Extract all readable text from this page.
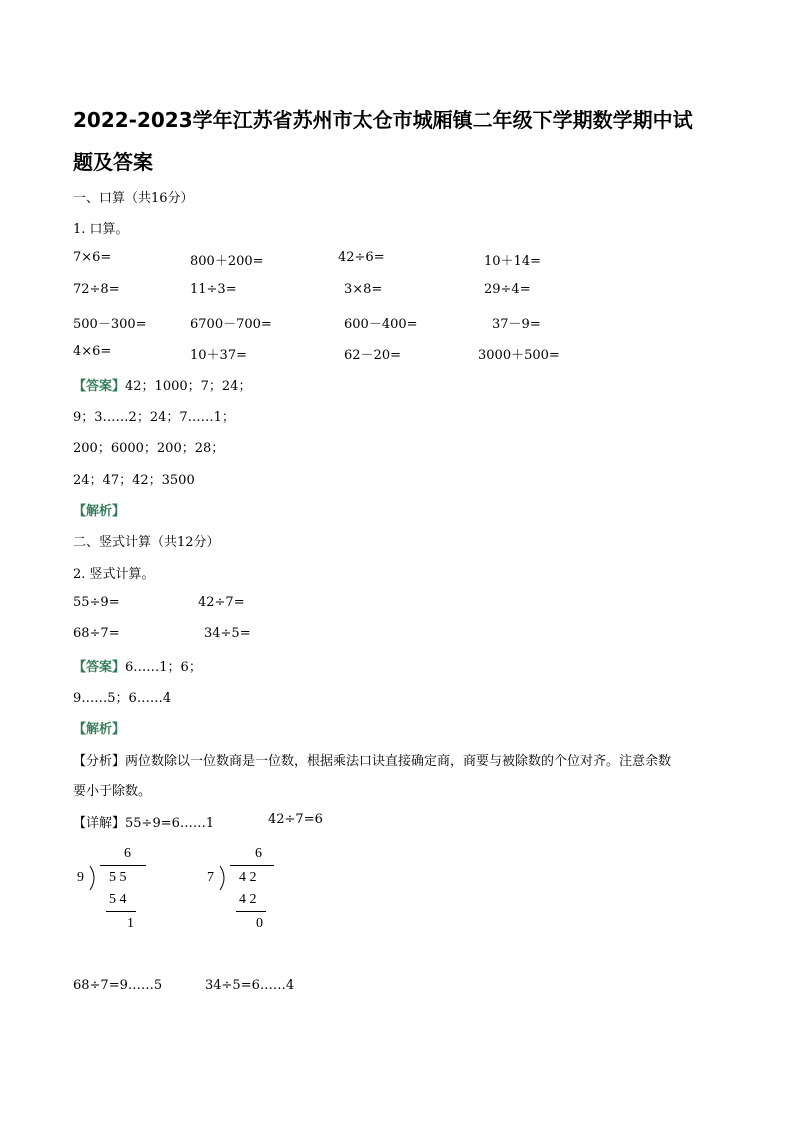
2022-2023学年江苏省苏州市太仓市城厢镇二年级下学期数学期中试
题及答案
一、口算（共16分）
1. 口算。
7×6=	800＋200=	42÷6=	10＋14=
72÷8=	11÷3=	3×8=	29÷4=
500－300=	6700－700=	600－400=	37－9=
4×6=	10＋37=	62－20=	3000＋500=
【答案】42；1000；7；24；
9；3……2；24；7……1；
200；6000；200；28；
24；47；42；3500
【解析】
二、竖式计算（共12分）
2. 竖式计算。
55÷9=	42÷7=
68÷7=	34÷5=
【答案】6……1；6；
9……5；6……4
【解析】
【分析】两位数除以一位数商是一位数，根据乘法口诀直接确定商，商要与被除数的个位对齐。注意余数
要小于除数。
【详解】55÷9=6……1	42÷7=6
6
9 5 5
5 4
1
6
7 4 2
4 2
0
68÷7=9……5	34÷5=6……4
